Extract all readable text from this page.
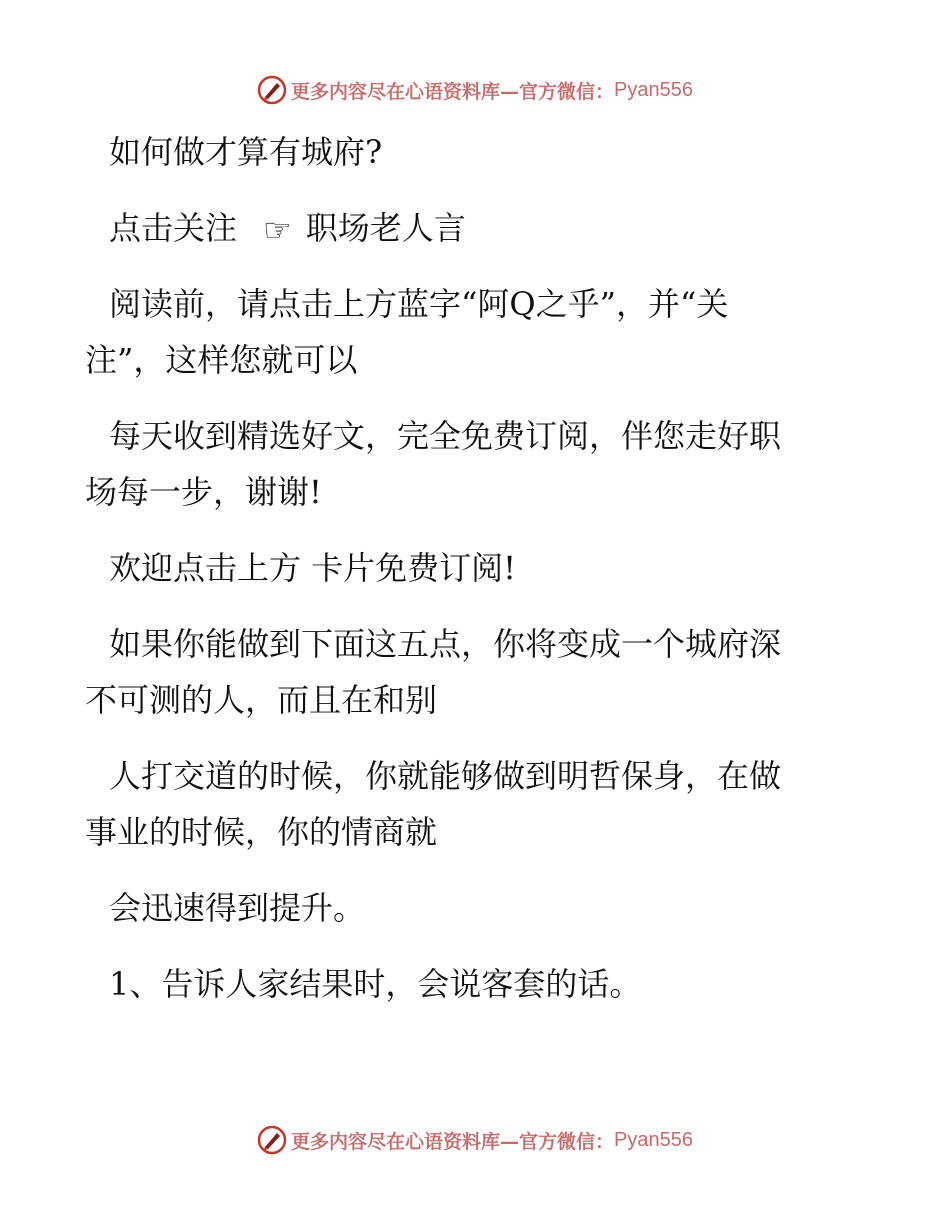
更多内容尽在心语资料库—官方微信： Pyan556

如何做才算有城府?

点击关注 ☞ 职场老人言

阅读前，请点击上方蓝字“阿Q之乎”，并“关
注”，这样您就可以

每天收到精选好文，完全免费订阅，伴您走好职
场每一步，谢谢!

欢迎点击上方 卡片免费订阅!

如果你能做到下面这五点，你将变成一个城府深
不可测的人，而且在和别

人打交道的时候，你就能够做到明哲保身，在做
事业的时候，你的情商就

会迅速得到提升。

1、告诉人家结果时，会说客套的话。

更多内容尽在心语资料库—官方微信： Pyan556
